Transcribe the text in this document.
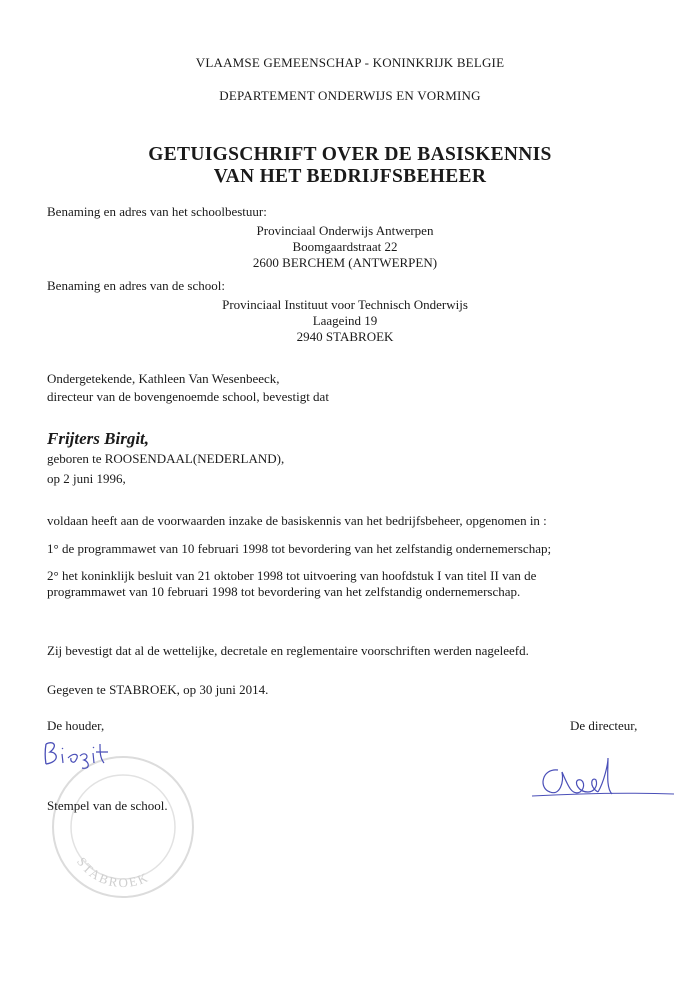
VLAAMSE GEMEENSCHAP - KONINKRIJK BELGIE
DEPARTEMENT ONDERWIJS EN VORMING
GETUIGSCHRIFT OVER DE BASISKENNIS
VAN HET BEDRIJFSBEHEER
Benaming en adres van het schoolbestuur:
Provinciaal Onderwijs Antwerpen
Boomgaardstraat 22
2600 BERCHEM (ANTWERPEN)
Benaming en adres van de school:
Provinciaal Instituut voor Technisch Onderwijs
Laageind 19
2940 STABROEK
Ondergetekende, Kathleen Van Wesenbeeck,
directeur van de bovengenoemde school, bevestigt dat
Frijters Birgit,
geboren te ROOSENDAAL(NEDERLAND),
op 2 juni 1996,
voldaan heeft aan de voorwaarden inzake de basiskennis van het bedrijfsbeheer, opgenomen in :
1° de programmawet van 10 februari 1998 tot bevordering van het zelfstandig ondernemerschap;
2° het koninklijk besluit van 21 oktober 1998 tot uitvoering van hoofdstuk I van titel II van de
programmawet van 10 februari 1998 tot bevordering van het zelfstandig ondernemerschap.
Zij bevestigt dat al de wettelijke, decretale en reglementaire voorschriften werden nageleefd.
Gegeven te STABROEK, op 30 juni 2014.
De houder,	De directeur,
STABROEK
Stempel van de school.
